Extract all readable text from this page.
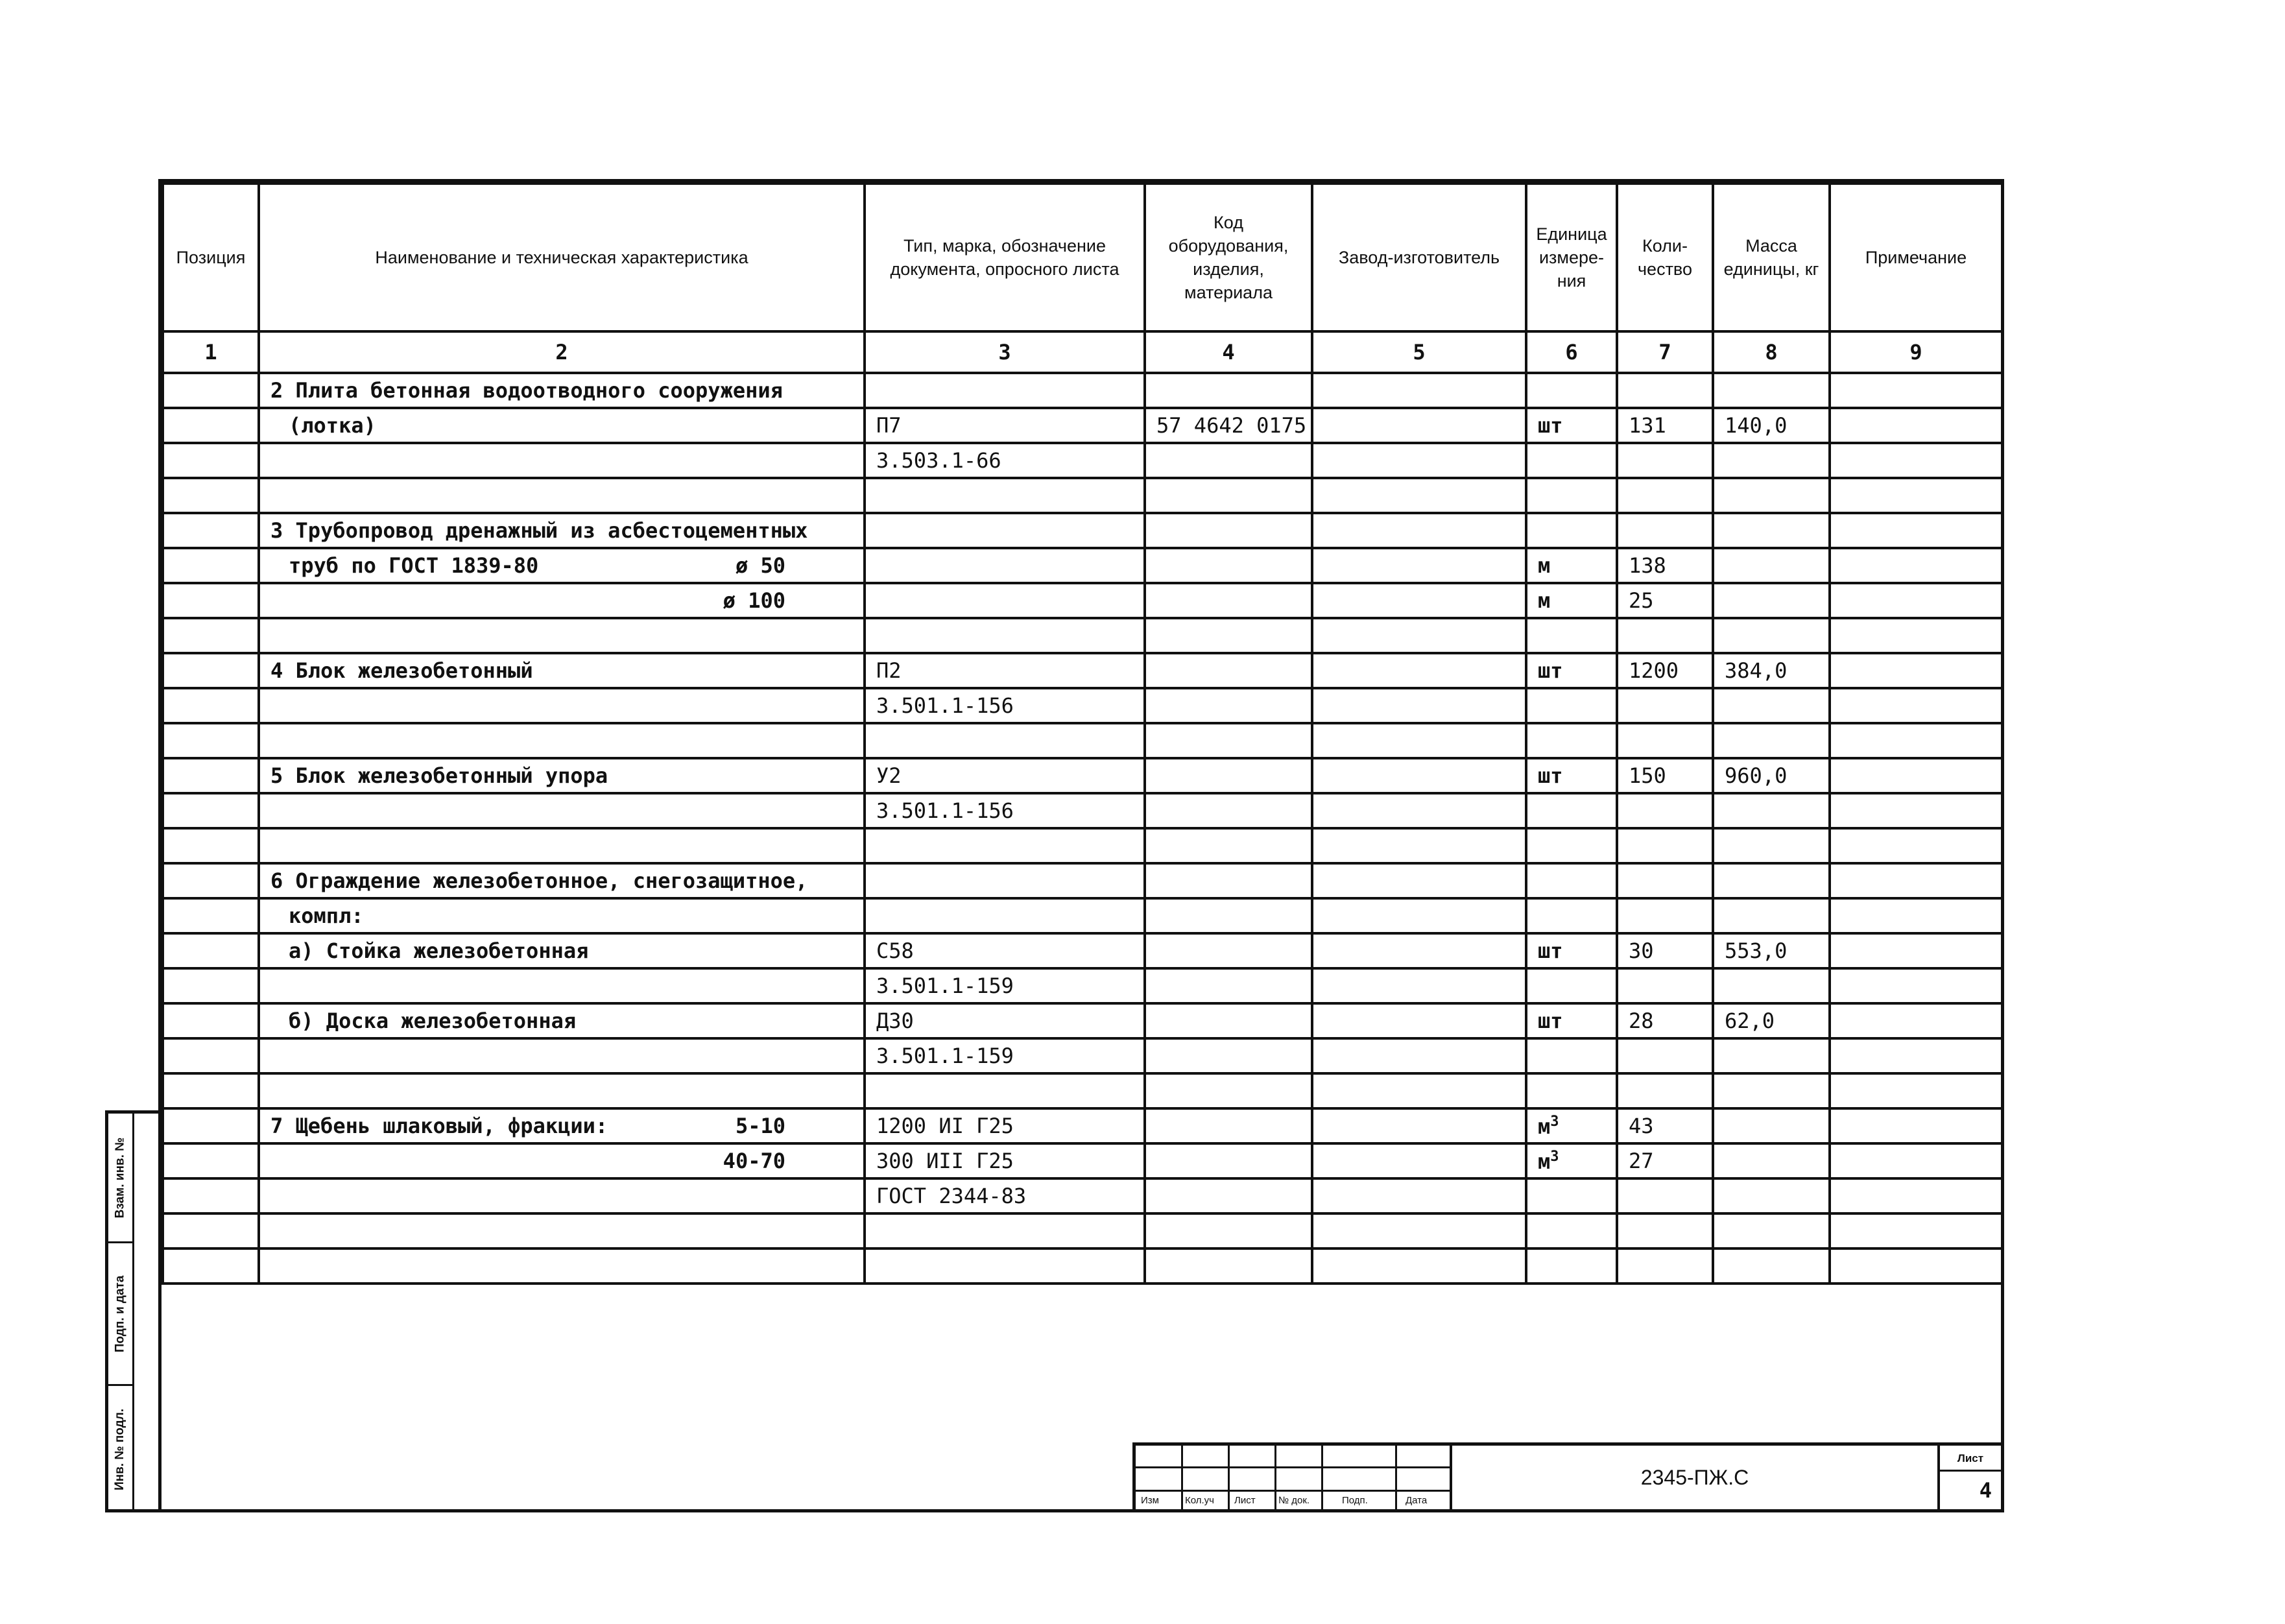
Позиция	Наименование и техническая характеристика	Тип, марка, обозначение документа, опросного листа	Код оборудования, изделия, материала	Завод-изготовитель	Единица измере-ния	Коли-чество	Масса единицы, кг	Примечание
1	2	3	4	5	6	7	8	9
	2 Плита бетонная водоотводного сооружения							
	(лотка)	П7	57 4642 0175		шт	131	140,0	
		3.503.1-66						

	3 Трубопровод дренажный из асбестоцементных							
	труб по ГОСТ 1839-80 ø 50				м	138		

	ø 100				м	25		

	4 Блок железобетонный	П2			шт	1200	384,0	
		3.501.1-156						

	5 Блок железобетонный упора	У2			шт	150	960,0	
		3.501.1-156						

	6 Ограждение железобетонное, снегозащитное,							
	компл:							
	а) Стойка железобетонная	С58			шт	30	553,0	
		3.501.1-159						
	б) Доска железобетонная	Д30			шт	28	62,0	
		3.501.1-159						

	7 Щебень шлаковый, фракции: 5-10	1200 ИI Г25			$м^3$	43		

	40-70	300 ИII Г25			$м^3$	27		
		ГОСТ 2344-83						

Взам. инв. №
Подп. и дата
Инв. № подл.
Изм	Кол.уч Лист № док.	Подп.	Дата
2345-ПЖ.С
Лист
4
